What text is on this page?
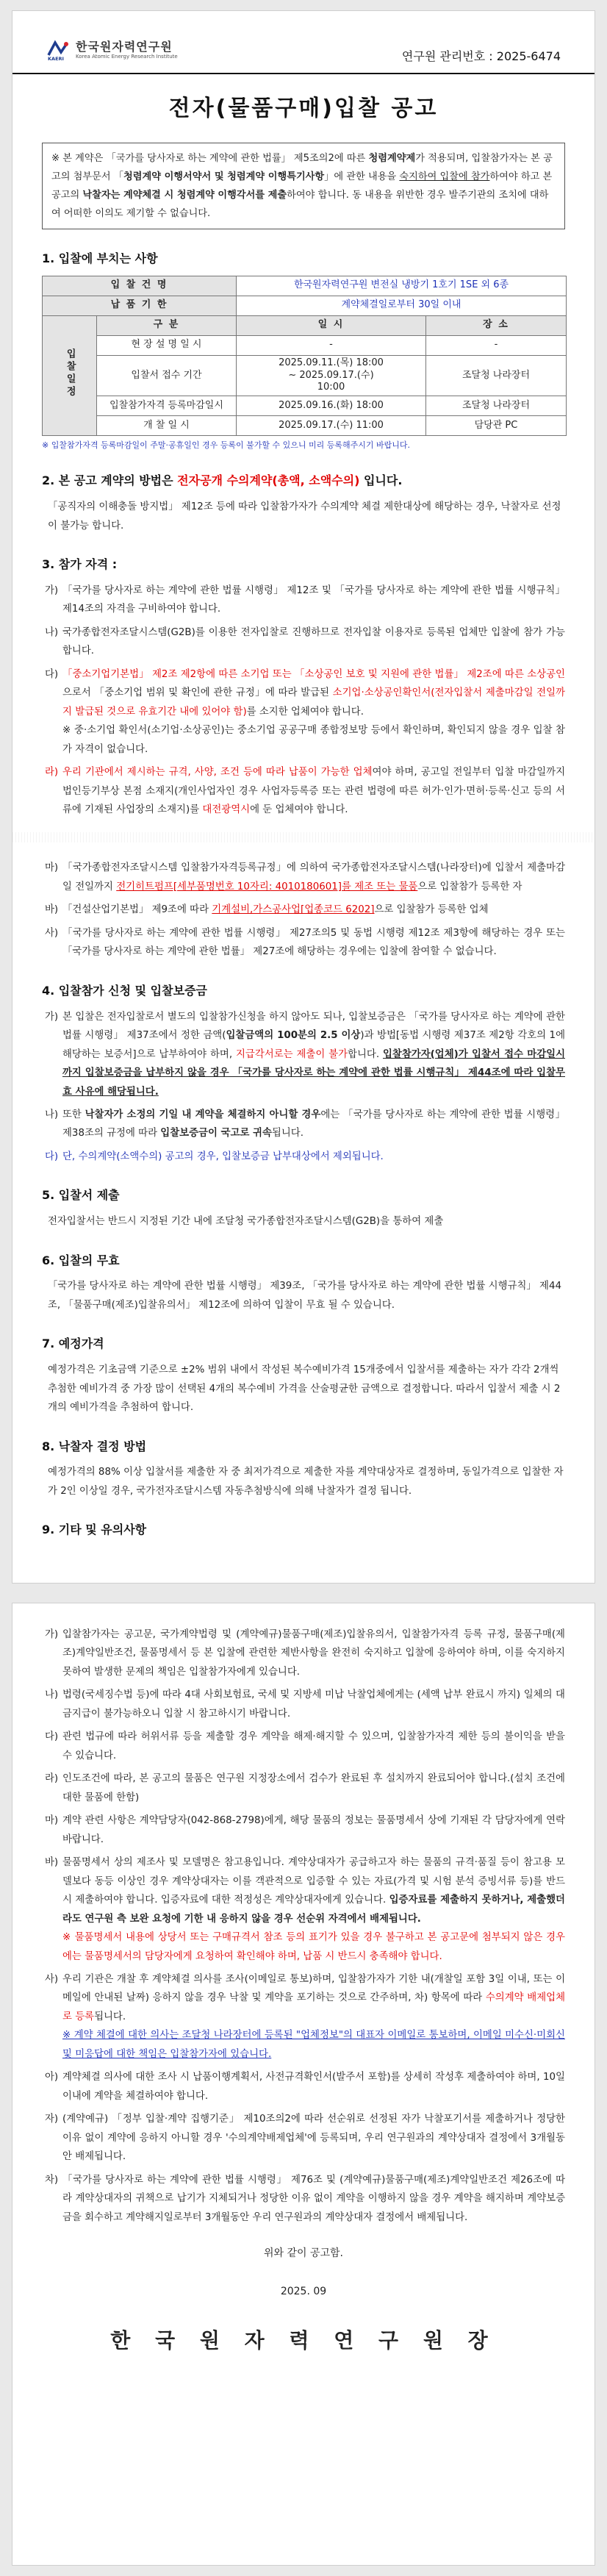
KAERI
한국원자력연구원
Korea Atomic Energy Research Institute	연구원 관리번호 : 2025-6474
전자(물품구매)입찰 공고
※ 본 계약은 「국가를 당사자로 하는 계약에 관한 법률」 제5조의2에 따른 청렴계약제가 적용되며, 입찰참가자는 본 공고의 첨부문서 「청렴계약 이행서약서 및 청렴계약 이행특기사항」에 관한 내용을 숙지하여 입찰에 참가하여야 하고 본 공고의 낙찰자는 계약체결 시 청렴계약 이행각서를 제출하여야 합니다. 동 내용을 위반한 경우 발주기관의 조치에 대하여 어떠한 이의도 제기할 수 없습니다.
1. 입찰에 부치는 사항
입 찰 건 명		한국원자력연구원 변전실 냉방기 1호기 1SE 외 6종	
납 품 기 한		계약체결일로부터 30일 이내	
입찰일정	구 분	일 시	장 소
	현 장 설 명 일 시	-	-
	입찰서 접수 기간	2025.09.11.(목) 18:00 ~ 2025.09.17.(수) 10:00	조달청 나라장터
	입찰참가자격 등록마감일시	2025.09.16.(화) 18:00	조달청 나라장터
	개 찰 일 시	2025.09.17.(수) 11:00	담당관 PC
※ 입찰참가자격 등록마감일이 주말·공휴일인 경우 등록이 불가할 수 있으니 미리 등록해주시기 바랍니다.
2. 본 공고 계약의 방법은 전자공개 수의계약(총액, 소액수의) 입니다.
「공직자의 이해충돌 방지법」 제12조 등에 따라 입찰참가자가 수의계약 체결 제한대상에 해당하는 경우, 낙찰자로 선정이 불가능 합니다.
3. 참가 자격 :
가) 「국가를 당사자로 하는 계약에 관한 법률 시행령」 제12조 및 「국가를 당사자로 하는 계약에 관한 법률 시행규칙」 제14조의 자격을 구비하여야 합니다.
나) 국가종합전자조달시스템(G2B)를 이용한 전자입찰로 진행하므로 전자입찰 이용자로 등록된 업체만 입찰에 참가 가능합니다.
다) 「중소기업기본법」 제2조 제2항에 따른 소기업 또는 「소상공인 보호 및 지원에 관한 법률」 제2조에 따른 소상공인으로서 「중소기업 범위 및 확인에 관한 규정」에 따라 발급된 소기업·소상공인확인서(전자입찰서 제출마감일 전일까지 발급된 것으로 유효기간 내에 있어야 함)를 소지한 업체여야 합니다.
※ 중·소기업 확인서(소기업·소상공인)는 중소기업 공공구매 종합정보망 등에서 확인하며, 확인되지 않을 경우 입찰 참가 자격이 없습니다.
라) 우리 기관에서 제시하는 규격, 사양, 조건 등에 따라 납품이 가능한 업체여야 하며, 공고일 전일부터 입찰 마감일까지 법인등기부상 본점 소재지(개인사업자인 경우 사업자등록증 또는 관련 법령에 따른 허가·인가·면허·등록·신고 등의 서류에 기재된 사업장의 소재지)를 대전광역시에 둔 업체여야 합니다.
마) 「국가종합전자조달시스템 입찰참가자격등록규정」에 의하여 국가종합전자조달시스템(나라장터)에 입찰서 제출마감일 전일까지 전기히트펌프[세부품명번호 10자리: 4010180601]를 제조 또는 물품으로 입찰참가 등록한 자
바) 「건설산업기본법」 제9조에 따라 기계설비,가스공사업[업종코드 6202]으로 입찰참가 등록한 업체
사) 「국가를 당사자로 하는 계약에 관한 법률 시행령」 제27조의5 및 동법 시행령 제12조 제3항에 해당하는 경우 또는 「국가를 당사자로 하는 계약에 관한 법률」 제27조에 해당하는 경우에는 입찰에 참여할 수 없습니다.
4. 입찰참가 신청 및 입찰보증금
가) 본 입찰은 전자입찰로서 별도의 입찰참가신청을 하지 않아도 되나, 입찰보증금은 「국가를 당사자로 하는 계약에 관한 법률 시행령」 제37조에서 정한 금액(입찰금액의 100분의 2.5 이상)과 방법[동법 시행령 제37조 제2항 각호의 1에 해당하는 보증서]으로 납부하여야 하며, 지급각서로는 제출이 불가합니다. 입찰참가자(업체)가 입찰서 접수 마감일시까지 입찰보증금을 납부하지 않을 경우 「국가를 당사자로 하는 계약에 관한 법률 시행규칙」 제44조에 따라 입찰무효 사유에 해당됩니다.
나) 또한 낙찰자가 소정의 기일 내 계약을 체결하지 아니할 경우에는 「국가를 당사자로 하는 계약에 관한 법률 시행령」 제38조의 규정에 따라 입찰보증금이 국고로 귀속됩니다.
다) 단, 수의계약(소액수의) 공고의 경우, 입찰보증금 납부대상에서 제외됩니다.
5. 입찰서 제출
전자입찰서는 반드시 지정된 기간 내에 조달청 국가종합전자조달시스템(G2B)을 통하여 제출
6. 입찰의 무효
「국가를 당사자로 하는 계약에 관한 법률 시행령」 제39조, 「국가를 당사자로 하는 계약에 관한 법률 시행규칙」 제44조, 「물품구매(제조)입찰유의서」 제12조에 의하여 입찰이 무효 될 수 있습니다.
7. 예정가격
예정가격은 기초금액 기준으로 ±2% 범위 내에서 작성된 복수예비가격 15개중에서 입찰서를 제출하는 자가 각각 2개씩 추첨한 예비가격 중 가장 많이 선택된 4개의 복수예비 가격을 산술평균한 금액으로 결정합니다. 따라서 입찰서 제출 시 2개의 예비가격을 추첨하여 합니다.
8. 낙찰자 결정 방법
예정가격의 88% 이상 입찰서를 제출한 자 중 최저가격으로 제출한 자를 계약대상자로 결정하며, 동일가격으로 입찰한 자가 2인 이상일 경우, 국가전자조달시스템 자동추첨방식에 의해 낙찰자가 결정 됩니다.
9. 기타 및 유의사항
가) 입찰참가자는 공고문, 국가계약법령 및 (계약예규)물품구매(제조)입찰유의서, 입찰참가자격 등록 규정, 물품구매(제조)계약일반조건, 물품명세서 등 본 입찰에 관련한 제반사항을 완전히 숙지하고 입찰에 응하여야 하며, 이를 숙지하지 못하여 발생한 문제의 책임은 입찰참가자에게 있습니다.
나) 법령(국세징수법 등)에 따라 4대 사회보험료, 국세 및 지방세 미납 낙찰업체에게는 (세액 납부 완료시 까지) 일체의 대금지급이 불가능하오니 입찰 시 참고하시기 바랍니다.
다) 관련 법규에 따라 허위서류 등을 제출할 경우 계약을 해제·해지할 수 있으며, 입찰참가자격 제한 등의 불이익을 받을 수 있습니다.
라) 인도조건에 따라, 본 공고의 물품은 연구원 지정장소에서 검수가 완료된 후 설치까지 완료되어야 합니다.(설치 조건에 대한 물품에 한함)
마) 계약 관련 사항은 계약담당자(042-868-2798)에게, 해당 물품의 정보는 물품명세서 상에 기재된 각 담당자에게 연락 바랍니다.
바) 물품명세서 상의 제조사 및 모델명은 참고용입니다. 계약상대자가 공급하고자 하는 물품의 규격·품질 등이 참고용 모델보다 동등 이상인 경우 계약상대자는 이를 객관적으로 입증할 수 있는 자료(가격 및 시험 분석 증빙서류 등)를 반드시 제출하여야 합니다. 입증자료에 대한 적정성은 계약상대자에게 있습니다. 입증자료를 제출하지 못하거나, 제출했더라도 연구원 측 보완 요청에 기한 내 응하지 않을 경우 선순위 자격에서 배제됩니다.
※ 물품명세서 내용에 상당서 또는 구매규격서 참조 등의 표기가 있을 경우 불구하고 본 공고문에 첨부되지 않은 경우에는 물품명세서의 담당자에게 요청하여 확인해야 하며, 납품 시 반드시 충족해야 합니다.
사) 우리 기관은 개찰 후 계약체결 의사를 조사(이메일로 통보)하며, 입찰참가자가 기한 내(개찰일 포함 3일 이내, 또는 이메일에 안내된 날짜) 응하지 않을 경우 낙찰 및 계약을 포기하는 것으로 간주하며, 차) 항목에 따라 수의계약 배제업체로 등록됩니다.
※ 계약 체결에 대한 의사는 조달청 나라장터에 등록된 "업체정보"의 대표자 이메일로 통보하며, 이메일 미수신·미회신 및 미응답에 대한 책임은 입찰참가자에 있습니다.
아) 계약체결 의사에 대한 조사 시 납품이행계획서, 사전규격확인서(발주서 포함)를 상세히 작성후 제출하여야 하며, 10일 이내에 계약을 체결하여야 합니다.
자) (계약예규) 「정부 입찰·계약 집행기준」 제10조의2에 따라 선순위로 선정된 자가 낙찰포기서를 제출하거나 정당한 이유 없이 계약에 응하지 아니할 경우 '수의계약배제업체'에 등록되며, 우리 연구원과의 계약상대자 결정에서 3개월동안 배제됩니다.
차) 「국가를 당사자로 하는 계약에 관한 법률 시행령」 제76조 및 (계약예규)물품구매(제조)계약일반조건 제26조에 따라 계약상대자의 귀책으로 납기가 지체되거나 정당한 이유 없이 계약을 이행하지 않을 경우 계약을 해지하며 계약보증금을 회수하고 계약해지일로부터 3개월동안 우리 연구원과의 계약상대자 결정에서 배제됩니다.
위와 같이 공고함.
2025. 09
한 국 원 자 력 연 구 원 장
